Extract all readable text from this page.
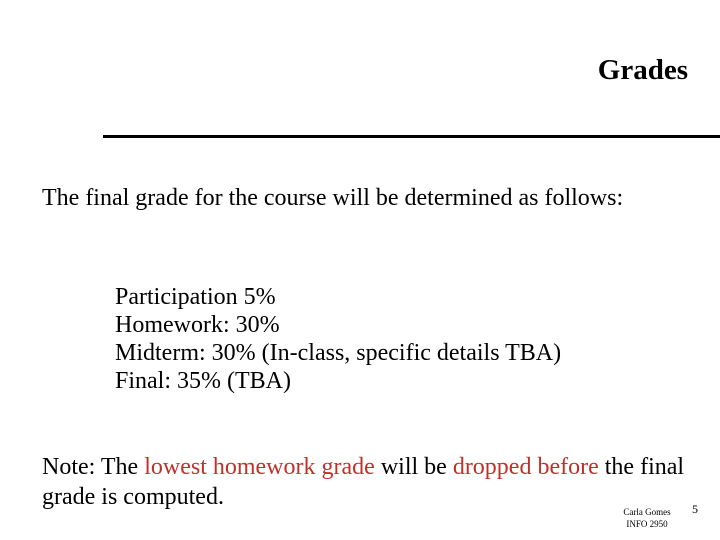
Grades
The final grade for the course will be determined as follows:
Participation 5%
Homework: 30%
Midterm: 30% (In-class, specific details TBA)
Final: 35% (TBA)
Note: The lowest homework grade will be dropped before the final grade is computed.
Carla Gomes
INFO 2950
5
